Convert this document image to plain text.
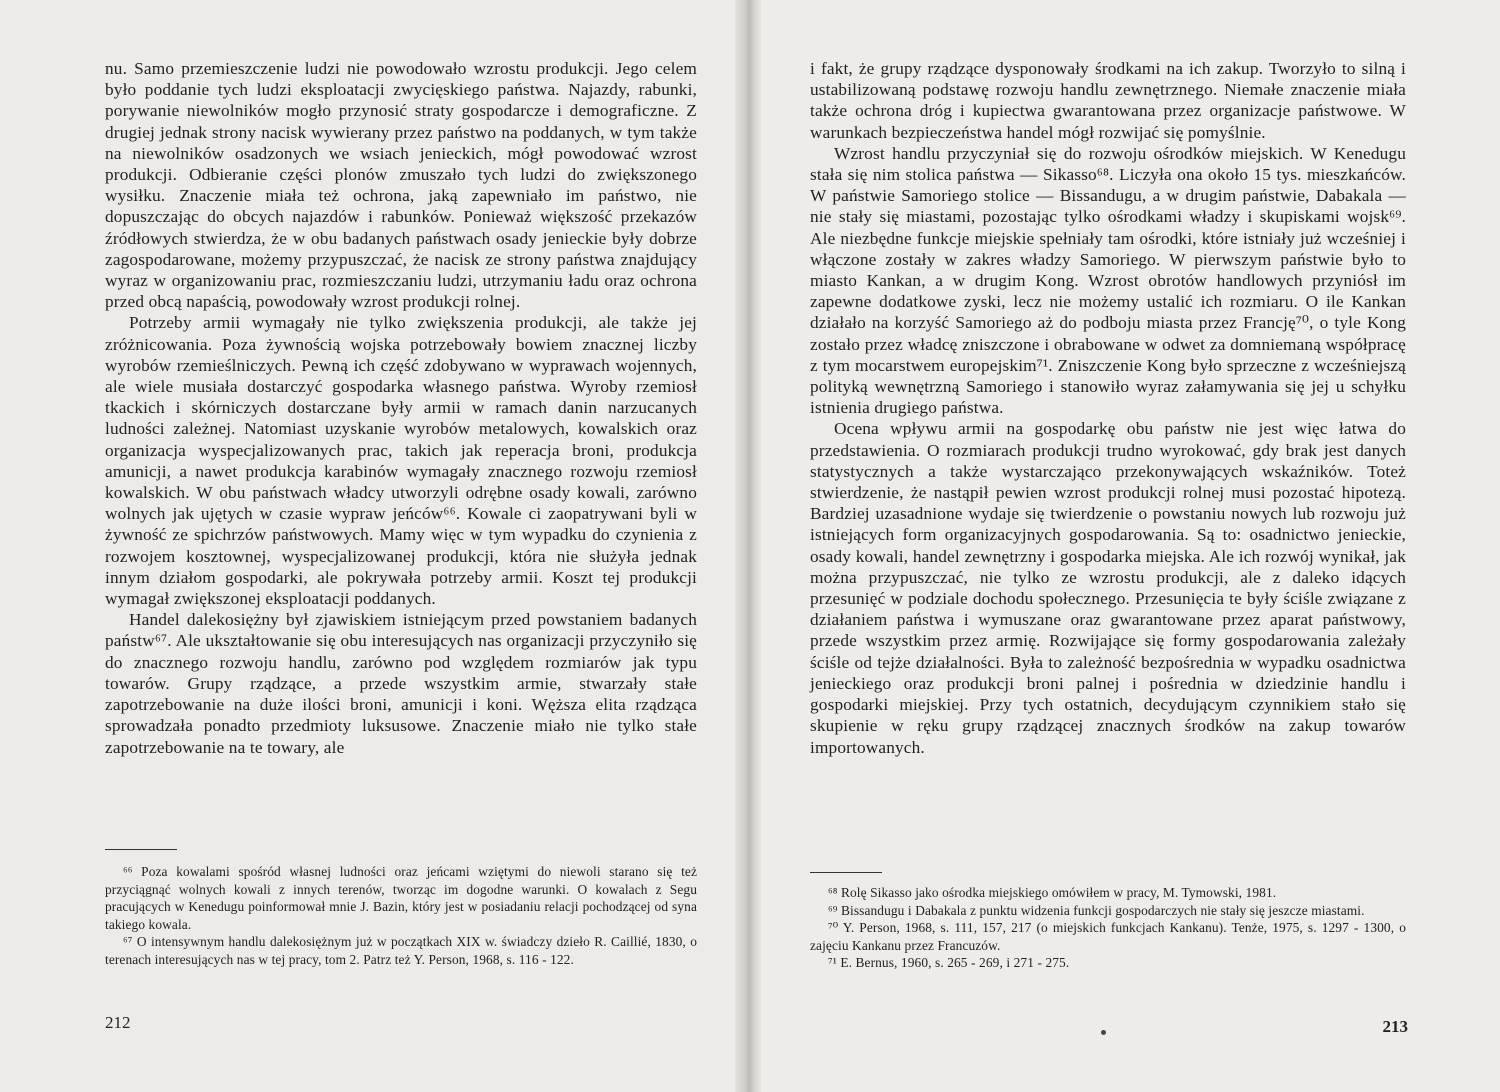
nu. Samo przemieszczenie ludzi nie powodowało wzrostu produkcji. Jego celem było poddanie tych ludzi eksploatacji zwycięskiego państwa. Najazdy, rabunki, porywanie niewolników mogło przynosić straty gospodarcze i demograficzne. Z drugiej jednak strony nacisk wywierany przez państwo na poddanych, w tym także na niewolników osadzonych we wsiach jenieckich, mógł powodować wzrost produkcji. Odbieranie części plonów zmuszało tych ludzi do zwiększonego wysiłku. Znaczenie miała też ochrona, jaką zapewniało im państwo, nie dopuszczając do obcych najazdów i rabunków. Ponieważ większość przekazów źródłowych stwierdza, że w obu badanych państwach osady jenieckie były dobrze zagospodarowane, możemy przypuszczać, że nacisk ze strony państwa znajdujący wyraz w organizowaniu prac, rozmieszczaniu ludzi, utrzymaniu ładu oraz ochrona przed obcą napaścią, powodowały wzrost produkcji rolnej.

Potrzeby armii wymagały nie tylko zwiększenia produkcji, ale także jej zróżnicowania. Poza żywnością wojska potrzebowały bowiem znacznej liczby wyrobów rzemieślniczych. Pewną ich część zdobywano w wyprawach wojennych, ale wiele musiała dostarczyć gospodarka własnego państwa. Wyroby rzemiosł tkackich i skórniczych dostarczane były armii w ramach danin narzucanych ludności zależnej. Natomiast uzyskanie wyrobów metalowych, kowalskich oraz organizacja wyspecjalizowanych prac, takich jak reperacja broni, produkcja amunicji, a nawet produkcja karabinów wymagały znacznego rozwoju rzemiosł kowalskich. W obu państwach władcy utworzyli odrębne osady kowali, zarówno wolnych jak ujętych w czasie wypraw jeńców⁶⁶. Kowale ci zaopatrywani byli w żywność ze spichrzów państwowych. Mamy więc w tym wypadku do czynienia z rozwojem kosztownej, wyspecjalizowanej produkcji, która nie służyła jednak innym działom gospodarki, ale pokrywała potrzeby armii. Koszt tej produkcji wymagał zwiększonej eksploatacji poddanych.

Handel dalekosiężny był zjawiskiem istniejącym przed powstaniem badanych państw⁶⁷. Ale ukształtowanie się obu interesujących nas organizacji przyczyniło się do znacznego rozwoju handlu, zarówno pod względem rozmiarów jak typu towarów. Grupy rządzące, a przede wszystkim armie, stwarzały stałe zapotrzebowanie na duże ilości broni, amunicji i koni. Węższa elita rządząca sprowadzała ponadto przedmioty luksusowe. Znaczenie miało nie tylko stałe zapotrzebowanie na te towary, ale

⁶⁶ Poza kowalami spośród własnej ludności oraz jeńcami wziętymi do niewoli starano się też przyciągnąć wolnych kowali z innych terenów, tworząc im dogodne warunki. O kowalach z Segu pracujących w Kenedugu poinformował mnie J. Bazin, który jest w posiadaniu relacji pochodzącej od syna takiego kowala.

⁶⁷ O intensywnym handlu dalekosiężnym już w początkach XIX w. świadczy dzieło R. Caillié, 1830, o terenach interesujących nas w tej pracy, tom 2. Patrz też Y. Person, 1968, s. 116 - 122.

212

i fakt, że grupy rządzące dysponowały środkami na ich zakup. Tworzyło to silną i ustabilizowaną podstawę rozwoju handlu zewnętrznego. Niemałe znaczenie miała także ochrona dróg i kupiectwa gwarantowana przez organizacje państwowe. W warunkach bezpieczeństwa handel mógł rozwijać się pomyślnie.

Wzrost handlu przyczyniał się do rozwoju ośrodków miejskich. W Kenedugu stała się nim stolica państwa — Sikasso⁶⁸. Liczyła ona około 15 tys. mieszkańców. W państwie Samoriego stolice — Bissandugu, a w drugim państwie, Dabakala — nie stały się miastami, pozostając tylko ośrodkami władzy i skupiskami wojsk⁶⁹. Ale niezbędne funkcje miejskie spełniały tam ośrodki, które istniały już wcześniej i włączone zostały w zakres władzy Samoriego. W pierwszym państwie było to miasto Kankan, a w drugim Kong. Wzrost obrotów handlowych przyniósł im zapewne dodatkowe zyski, lecz nie możemy ustalić ich rozmiaru. O ile Kankan działało na korzyść Samoriego aż do podboju miasta przez Francję⁷⁰, o tyle Kong zostało przez władcę zniszczone i obrabowane w odwet za domniemaną współpracę z tym mocarstwem europejskim⁷¹. Zniszczenie Kong było sprzeczne z wcześniejszą polityką wewnętrzną Samoriego i stanowiło wyraz załamywania się jej u schyłku istnienia drugiego państwa.

Ocena wpływu armii na gospodarkę obu państw nie jest więc łatwa do przedstawienia. O rozmiarach produkcji trudno wyrokować, gdy brak jest danych statystycznych a także wystarczająco przekonywających wskaźników. Toteż stwierdzenie, że nastąpił pewien wzrost produkcji rolnej musi pozostać hipotezą. Bardziej uzasadnione wydaje się twierdzenie o powstaniu nowych lub rozwoju już istniejących form organizacyjnych gospodarowania. Są to: osadnictwo jenieckie, osady kowali, handel zewnętrzny i gospodarka miejska. Ale ich rozwój wynikał, jak można przypuszczać, nie tylko ze wzrostu produkcji, ale z daleko idących przesunięć w podziale dochodu społecznego. Przesunięcia te były ściśle związane z działaniem państwa i wymuszane oraz gwarantowane przez aparat państwowy, przede wszystkim przez armię. Rozwijające się formy gospodarowania zależały ściśle od tejże działalności. Była to zależność bezpośrednia w wypadku osadnictwa jenieckiego oraz produkcji broni palnej i pośrednia w dziedzinie handlu i gospodarki miejskiej. Przy tych ostatnich, decydującym czynnikiem stało się skupienie w ręku grupy rządzącej znacznych środków na zakup towarów importowanych.

⁶⁸ Rolę Sikasso jako ośrodka miejskiego omówiłem w pracy, M. Tymowski, 1981.

⁶⁹ Bissandugu i Dabakala z punktu widzenia funkcji gospodarczych nie stały się jeszcze miastami.

⁷⁰ Y. Person, 1968, s. 111, 157, 217 (o miejskich funkcjach Kankanu). Tenże, 1975, s. 1297 - 1300, o zajęciu Kankanu przez Francuzów.

⁷¹ E. Bernus, 1960, s. 265 - 269, i 271 - 275.

213
